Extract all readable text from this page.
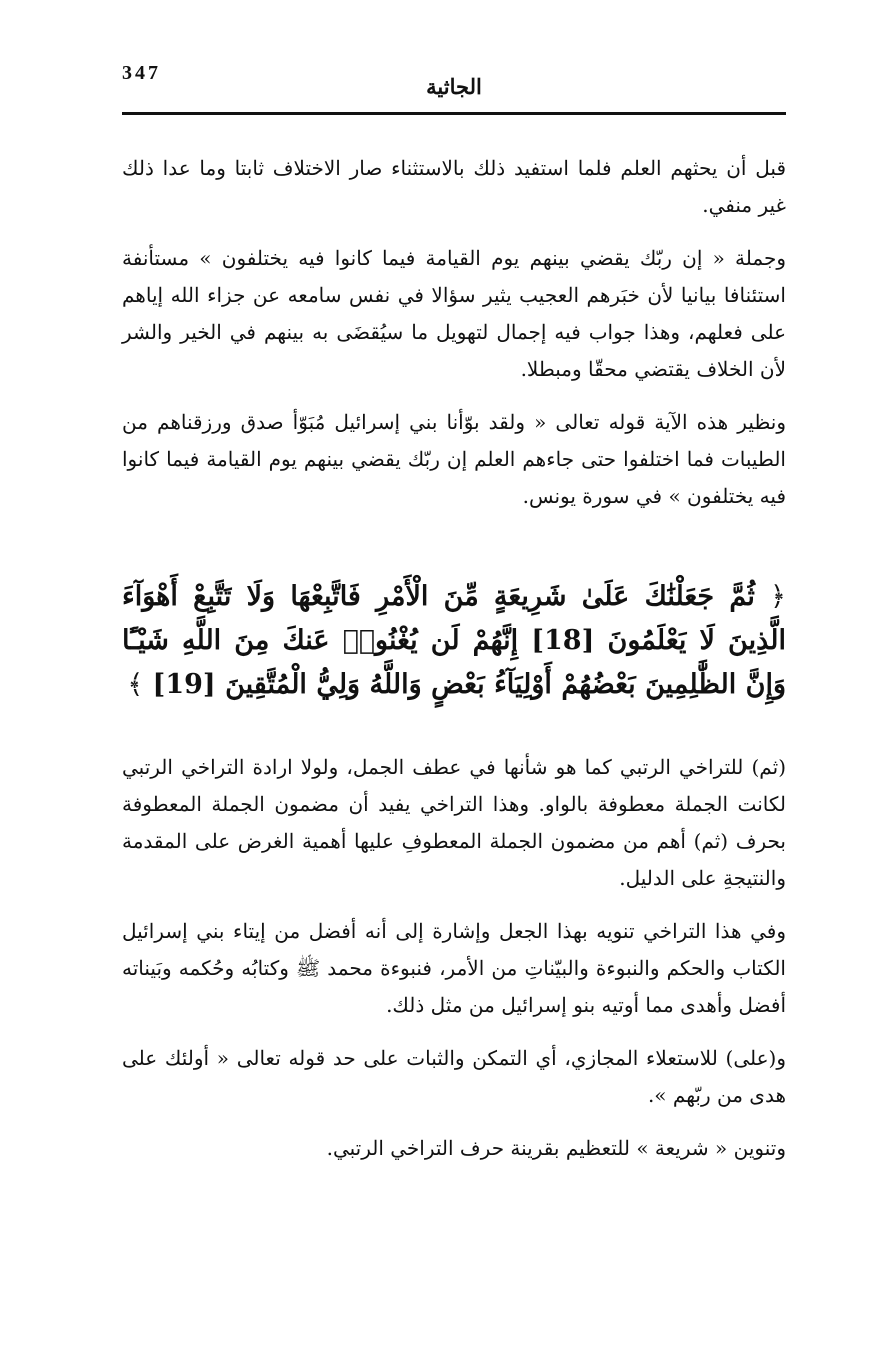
347
الجاثية

قبل أن يحثهم العلم فلما استفيد ذلك بالاستثناء صار الاختلاف ثابتا وما عدا ذلك غير منفي.

وجملة « إن ربّك يقضي بينهم يوم القيامة فيما كانوا فيه يختلفون » مستأنفة استئنافا بيانيا لأن خبَرهم العجيب يثير سؤالا في نفس سامعه عن جزاء الله إياهم على فعلهم، وهذا جواب فيه إجمال لتهويل ما سيُقضَى به بينهم في الخير والشر لأن الخلاف يقتضي محقّا ومبطلا.

ونظير هذه الآية قوله تعالى « ولقد بوّأنا بني إسرائيل مُبَوّأ صدق ورزقناهم من الطيبات فما اختلفوا حتى جاءهم العلم إن ربّك يقضي بينهم يوم القيامة فيما كانوا فيه يختلفون » في سورة يونس.

﴿ ثُمَّ جَعَلْنَٰكَ عَلَىٰ شَرِيعَةٍ مِّنَ الْأَمْرِ فَاتَّبِعْهَا وَلَا تَتَّبِعْ أَهْوَآءَ الَّذِينَ لَا يَعْلَمُونَ [18] إِنَّهُمْ لَن يُغْنُوا۟ عَنكَ مِنَ اللَّهِ شَيْـًٔا وَإِنَّ الظَّٰلِمِينَ بَعْضُهُمْ أَوْلِيَآءُ بَعْضٍ وَاللَّهُ وَلِيُّ الْمُتَّقِينَ [19] ﴾

(ثم) للتراخي الرتبي كما هو شأنها في عطف الجمل، ولولا ارادة التراخي الرتبي لكانت الجملة معطوفة بالواو. وهذا التراخي يفيد أن مضمون الجملة المعطوفة بحرف (ثم) أهم من مضمون الجملة المعطوفِ عليها أهمية الغرض على المقدمة والنتيجةِ على الدليل.

وفي هذا التراخي تنويه بهذا الجعل وإشارة إلى أنه أفضل من إيتاء بني إسرائيل الكتاب والحكم والنبوءة والبيّناتِ من الأمر، فنبوءة محمد ﷺ وكتابُه وحُكمه وبَيناته أفضل وأهدى مما أوتيه بنو إسرائيل من مثل ذلك.

و(على) للاستعلاء المجازي، أي التمكن والثبات على حد قوله تعالى « أولئك على هدى من ربّهم ».

وتنوين « شريعة » للتعظيم بقرينة حرف التراخي الرتبي.
